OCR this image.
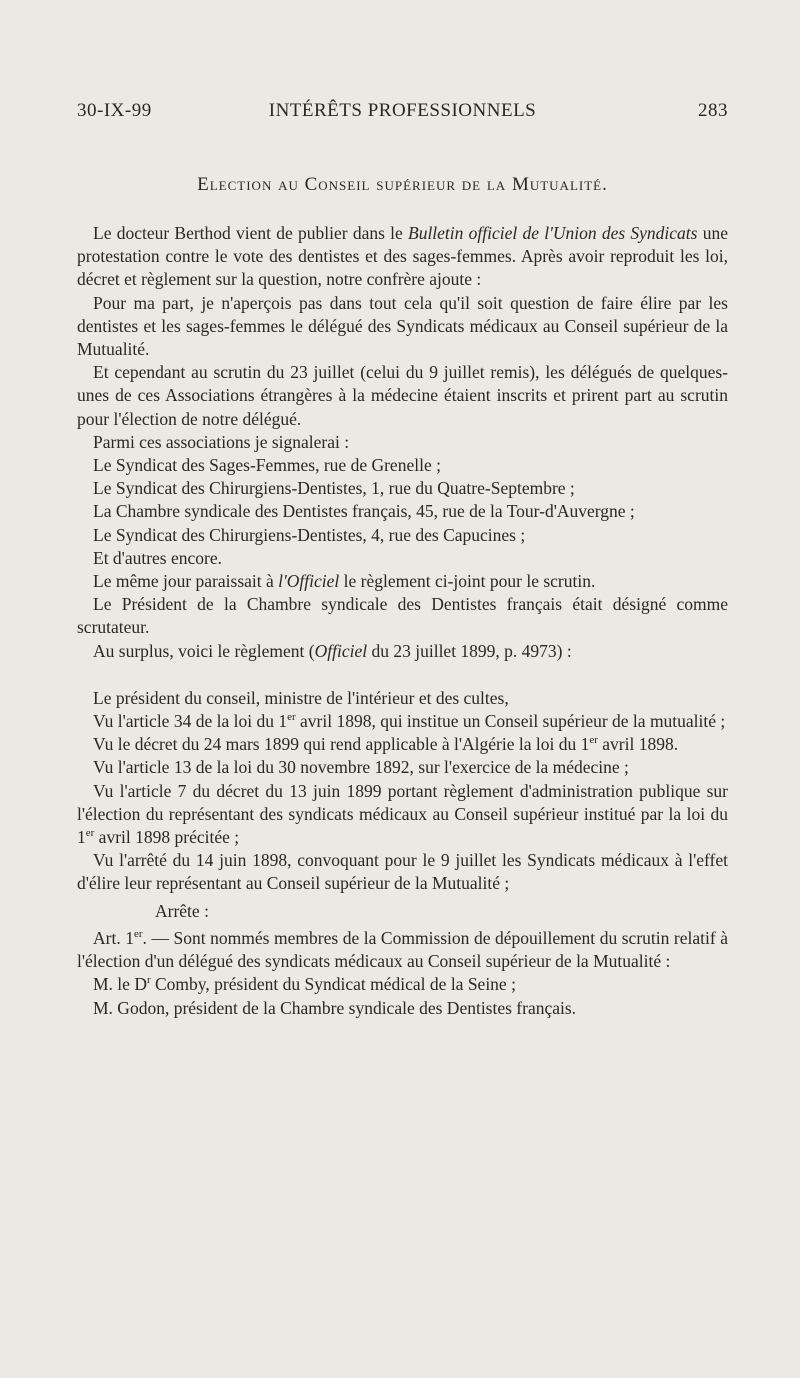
30-IX-99	INTÉRÊTS PROFESSIONNELS	283
Election au Conseil supérieur de la Mutualité.

Le docteur Berthod vient de publier dans le Bulletin officiel de l'Union des Syndicats une protestation contre le vote des dentistes et des sages-femmes. Après avoir reproduit les loi, décret et règlement sur la question, notre confrère ajoute :

Pour ma part, je n'aperçois pas dans tout cela qu'il soit question de faire élire par les dentistes et les sages-femmes le délégué des Syndicats médicaux au Conseil supérieur de la Mutualité.

Et cependant au scrutin du 23 juillet (celui du 9 juillet remis), les délégués de quelques-unes de ces Associations étrangères à la médecine étaient inscrits et prirent part au scrutin pour l'élection de notre délégué.

Parmi ces associations je signalerai :

Le Syndicat des Sages-Femmes, rue de Grenelle ;

Le Syndicat des Chirurgiens-Dentistes, 1, rue du Quatre-Septembre ;

La Chambre syndicale des Dentistes français, 45, rue de la Tour-d'Auvergne ;

Le Syndicat des Chirurgiens-Dentistes, 4, rue des Capucines ;

Et d'autres encore.

Le même jour paraissait à l'Officiel le règlement ci-joint pour le scrutin.

Le Président de la Chambre syndicale des Dentistes français était désigné comme scrutateur.

Au surplus, voici le règlement (Officiel du 23 juillet 1899, p. 4973) :

Le président du conseil, ministre de l'intérieur et des cultes,

Vu l'article 34 de la loi du 1er avril 1898, qui institue un Conseil supérieur de la mutualité ;

Vu le décret du 24 mars 1899 qui rend applicable à l'Algérie la loi du 1er avril 1898.

Vu l'article 13 de la loi du 30 novembre 1892, sur l'exercice de la médecine ;

Vu l'article 7 du décret du 13 juin 1899 portant règlement d'administration publique sur l'élection du représentant des syndicats médicaux au Conseil supérieur institué par la loi du 1er avril 1898 précitée ;

Vu l'arrêté du 14 juin 1898, convoquant pour le 9 juillet les Syndicats médicaux à l'effet d'élire leur représentant au Conseil supérieur de la Mutualité ;

Arrête :

Art. 1er. — Sont nommés membres de la Commission de dépouillement du scrutin relatif à l'élection d'un délégué des syndicats médicaux au Conseil supérieur de la Mutualité :

M. le $D^r$ Comby, président du Syndicat médical de la Seine ;

M. Godon, président de la Chambre syndicale des Dentistes français.
